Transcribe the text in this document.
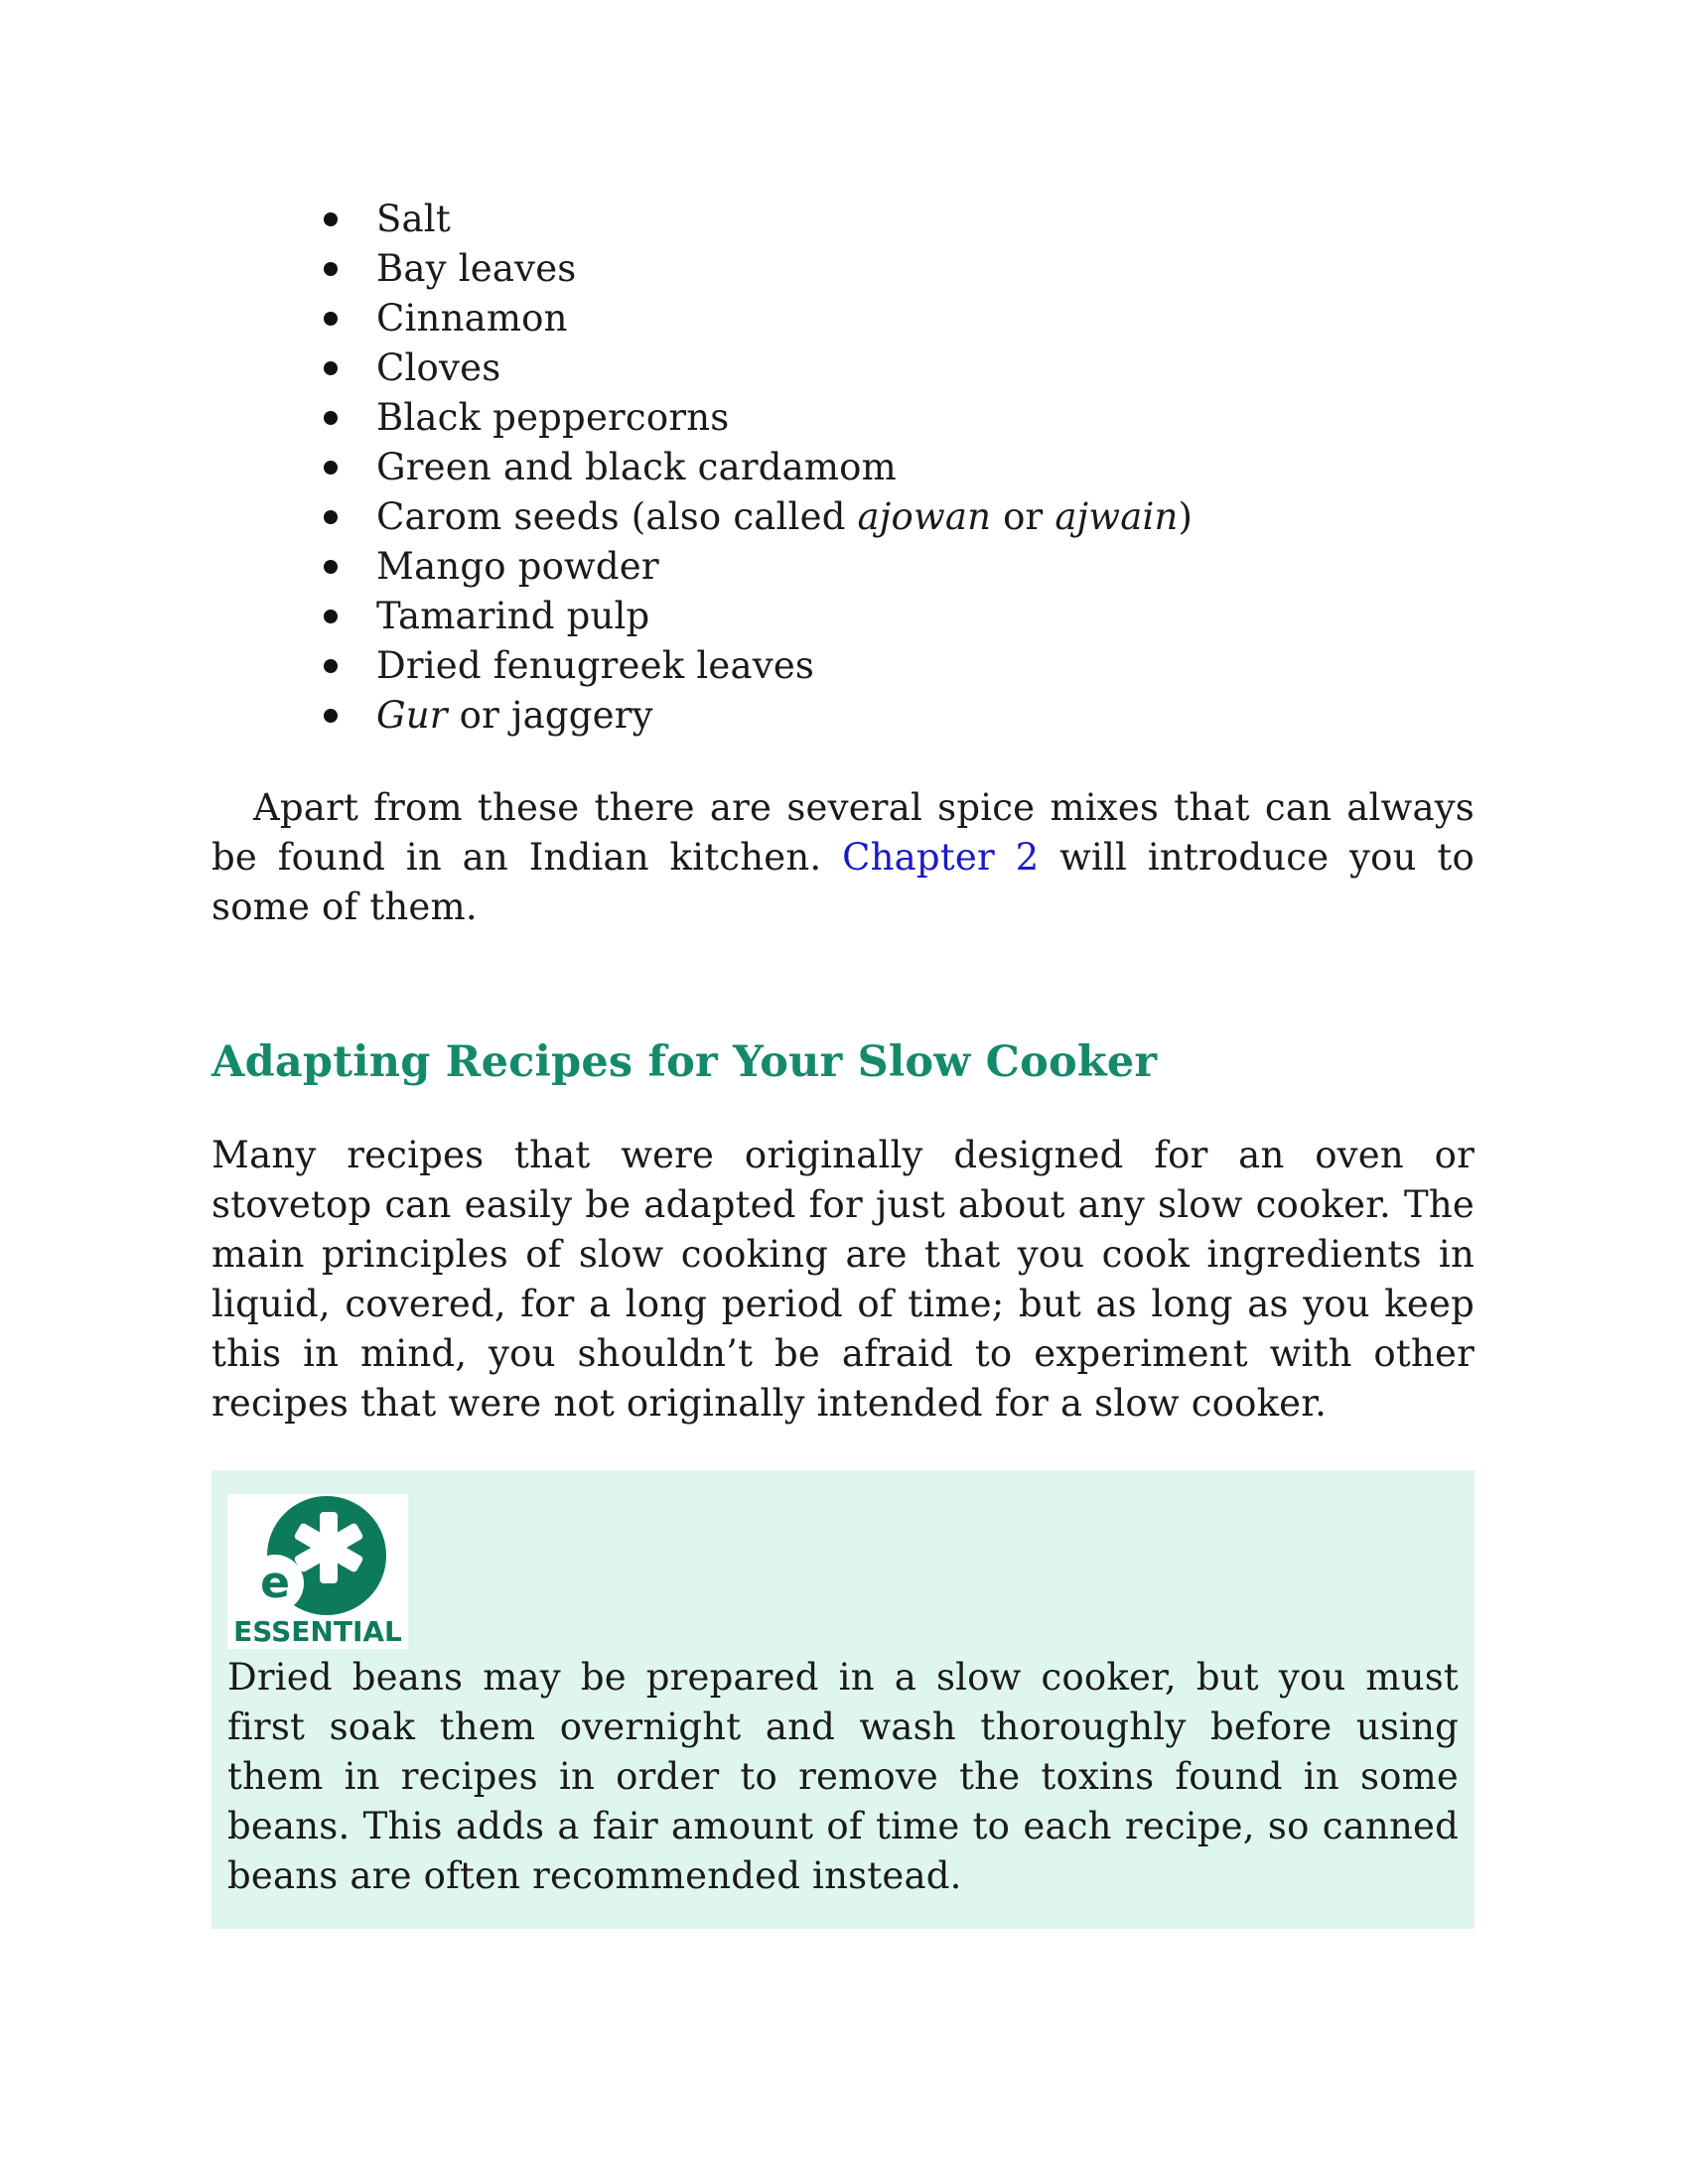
Salt
Bay leaves
Cinnamon
Cloves
Black peppercorns
Green and black cardamom
Carom seeds (also called ajowan or ajwain)
Mango powder
Tamarind pulp
Dried fenugreek leaves
Gur or jaggery

Apart from these there are several spice mixes that can always be found in an Indian kitchen. Chapter 2 will introduce you to some of them.

Adapting Recipes for Your Slow Cooker

Many recipes that were originally designed for an oven or stovetop can easily be adapted for just about any slow cooker. The main principles of slow cooking are that you cook ingredients in liquid, covered, for a long period of time; but as long as you keep this in mind, you shouldn’t be afraid to experiment with other recipes that were not originally intended for a slow cooker.

e
ESSENTIAL

Dried beans may be prepared in a slow cooker, but you must first soak them overnight and wash thoroughly before using them in recipes in order to remove the toxins found in some beans. This adds a fair amount of time to each recipe, so canned beans are often recommended instead.
